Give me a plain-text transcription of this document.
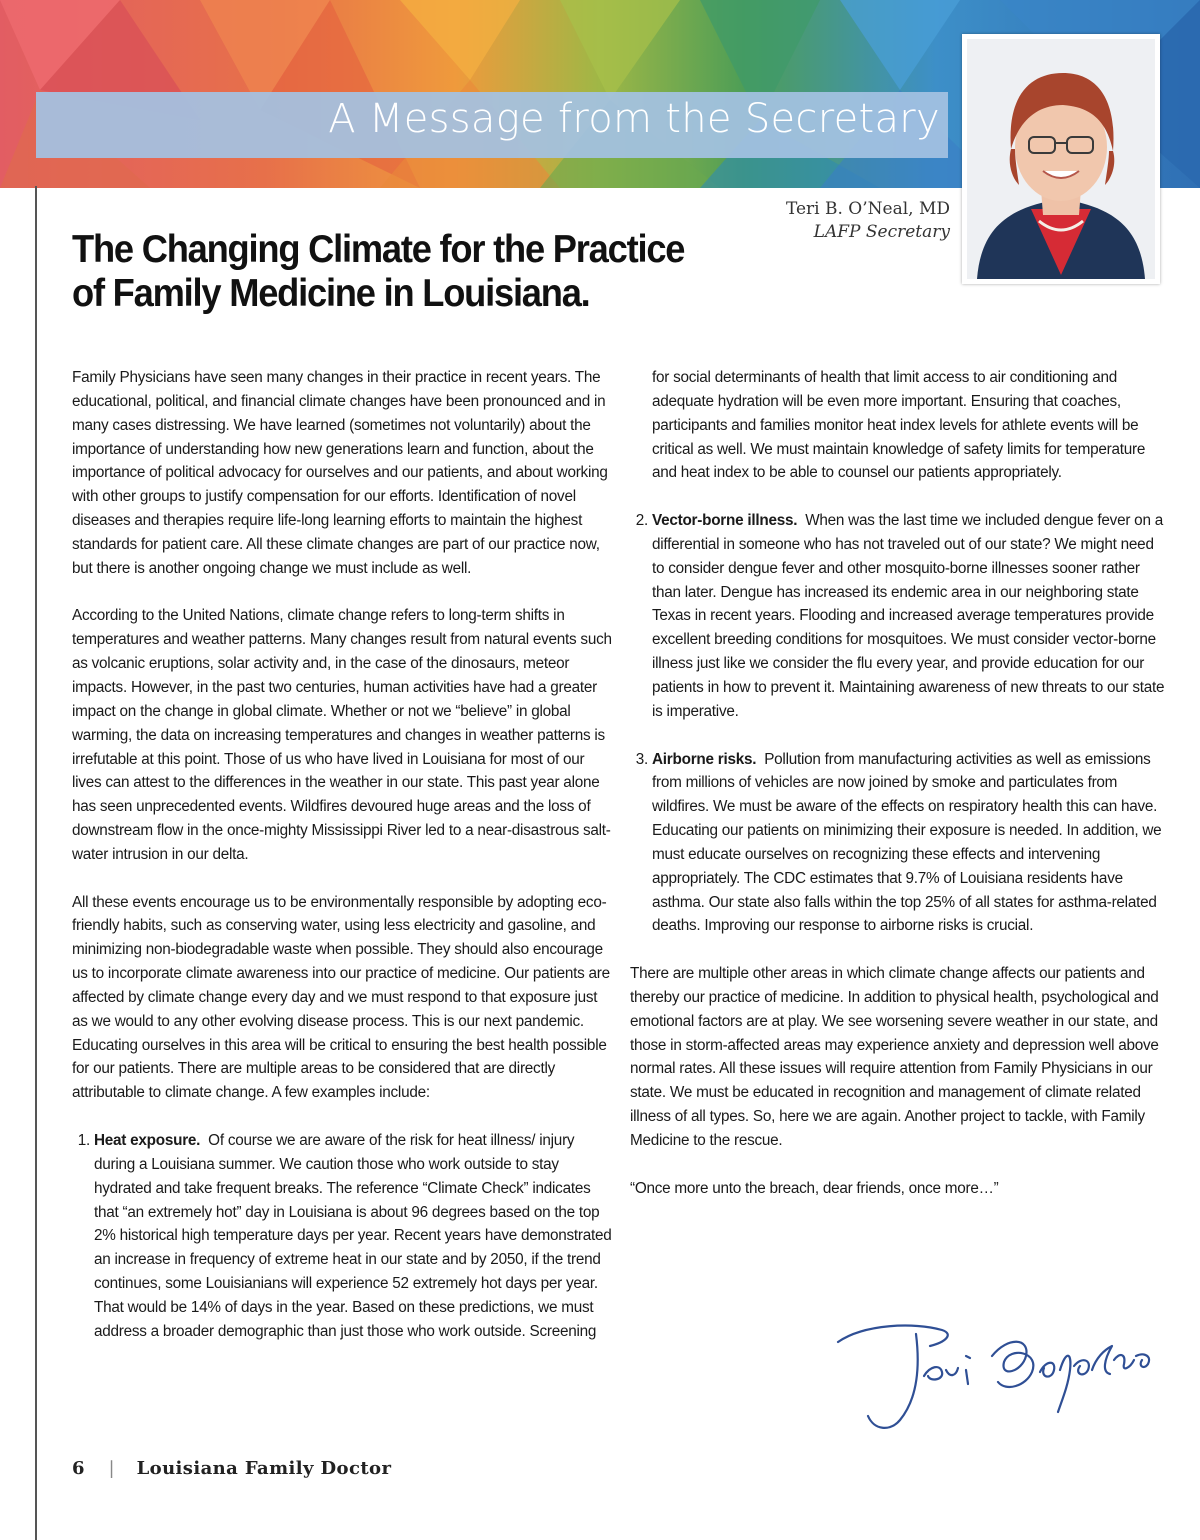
A Message from the Secretary
Teri B. O’Neal, MD
LAFP Secretary
The Changing Climate for the Practice
of Family Medicine in Louisiana.

Family Physicians have seen many changes in their practice in recent years. The educational, political, and financial climate changes have been pronounced and in many cases distressing. We have learned (sometimes not voluntarily) about the importance of understanding how new generations learn and function, about the importance of political advocacy for ourselves and our patients, and about working with other groups to justify compensation for our efforts. Identification of novel diseases and therapies require life-long learning efforts to maintain the highest standards for patient care. All these climate changes are part of our practice now, but there is another ongoing change we must include as well.

According to the United Nations, climate change refers to long-term shifts in temperatures and weather patterns. Many changes result from natural events such as volcanic eruptions, solar activity and, in the case of the dinosaurs, meteor impacts. However, in the past two centuries, human activities have had a greater impact on the change in global climate. Whether or not we “believe” in global warming, the data on increasing temperatures and changes in weather patterns is irrefutable at this point. Those of us who have lived in Louisiana for most of our lives can attest to the differences in the weather in our state. This past year alone has seen unprecedented events. Wildfires devoured huge areas and the loss of downstream flow in the once-mighty Mississippi River led to a near-disastrous salt-water intrusion in our delta.

All these events encourage us to be environmentally responsible by adopting eco-friendly habits, such as conserving water, using less electricity and gasoline, and minimizing non-biodegradable waste when possible. They should also encourage us to incorporate climate awareness into our practice of medicine. Our patients are affected by climate change every day and we must respond to that exposure just as we would to any other evolving disease process. This is our next pandemic. Educating ourselves in this area will be critical to ensuring the best health possible for our patients. There are multiple areas to be considered that are directly attributable to climate change. A few examples include:

1. Heat exposure. Of course we are aware of the risk for heat illness/ injury during a Louisiana summer. We caution those who work outside to stay hydrated and take frequent breaks. The reference “Climate Check” indicates that “an extremely hot” day in Louisiana is about 96 degrees based on the top 2% historical high temperature days per year. Recent years have demonstrated an increase in frequency of extreme heat in our state and by 2050, if the trend continues, some Louisianians will experience 52 extremely hot days per year. That would be 14% of days in the year. Based on these predictions, we must address a broader demographic than just those who work outside. Screening

for social determinants of health that limit access to air conditioning and adequate hydration will be even more important. Ensuring that coaches, participants and families monitor heat index levels for athlete events will be critical as well. We must maintain knowledge of safety limits for temperature and heat index to be able to counsel our patients appropriately.

2. Vector-borne illness. When was the last time we included dengue fever on a differential in someone who has not traveled out of our state? We might need to consider dengue fever and other mosquito-borne illnesses sooner rather than later. Dengue has increased its endemic area in our neighboring state Texas in recent years. Flooding and increased average temperatures provide excellent breeding conditions for mosquitoes. We must consider vector-borne illness just like we consider the flu every year, and provide education for our patients in how to prevent it. Maintaining awareness of new threats to our state is imperative.
3. Airborne risks. Pollution from manufacturing activities as well as emissions from millions of vehicles are now joined by smoke and particulates from wildfires. We must be aware of the effects on respiratory health this can have. Educating our patients on minimizing their exposure is needed. In addition, we must educate ourselves on recognizing these effects and intervening appropriately. The CDC estimates that 9.7% of Louisiana residents have asthma. Our state also falls within the top 25% of all states for asthma-related deaths. Improving our response to airborne risks is crucial.

There are multiple other areas in which climate change affects our patients and thereby our practice of medicine. In addition to physical health, psychological and emotional factors are at play. We see worsening severe weather in our state, and those in storm-affected areas may experience anxiety and depression well above normal rates. All these issues will require attention from Family Physicians in our state. We must be educated in recognition and management of climate related illness of all types. So, here we are again. Another project to tackle, with Family Medicine to the rescue.

“Once more unto the breach, dear friends, once more…”

6 | Louisiana Family Doctor
